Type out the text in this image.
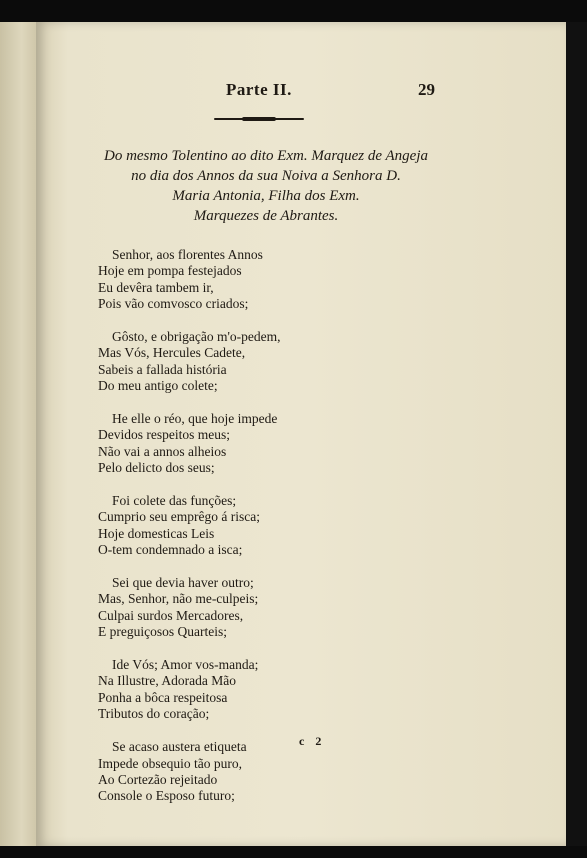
Parte II.	29
Do mesmo Tolentino ao dito Exm. Marquez de Angeja
no dia dos Annos da sua Noiva a Senhora D.
Maria Antonia, Filha dos Exm.
Marquezes de Abrantes.
Senhor, aos florentes Annos
Hoje em pompa festejados
Eu devêra tambem ir,
Pois vão comvosco criados;
Gôsto, e obrigação m'o-pedem,
Mas Vós, Hercules Cadete,
Sabeis a fallada história
Do meu antigo colete;
He elle o réo, que hoje impede
Devidos respeitos meus;
Não vai a annos alheios
Pelo delicto dos seus;
Foi colete das funções;
Cumprio seu emprêgo á risca;
Hoje domesticas Leis
O-tem condemnado a isca;
Sei que devia haver outro;
Mas, Senhor, não me-culpeis;
Culpai surdos Mercadores,
E preguiçosos Quarteis;
Ide Vós; Amor vos-manda;
Na Illustre, Adorada Mão
Ponha a bôca respeitosa
Tributos do coração;
Se acaso austera etiqueta
Impede obsequio tão puro,
Ao Cortezão rejeitado
Console o Esposo futuro;
c 2
